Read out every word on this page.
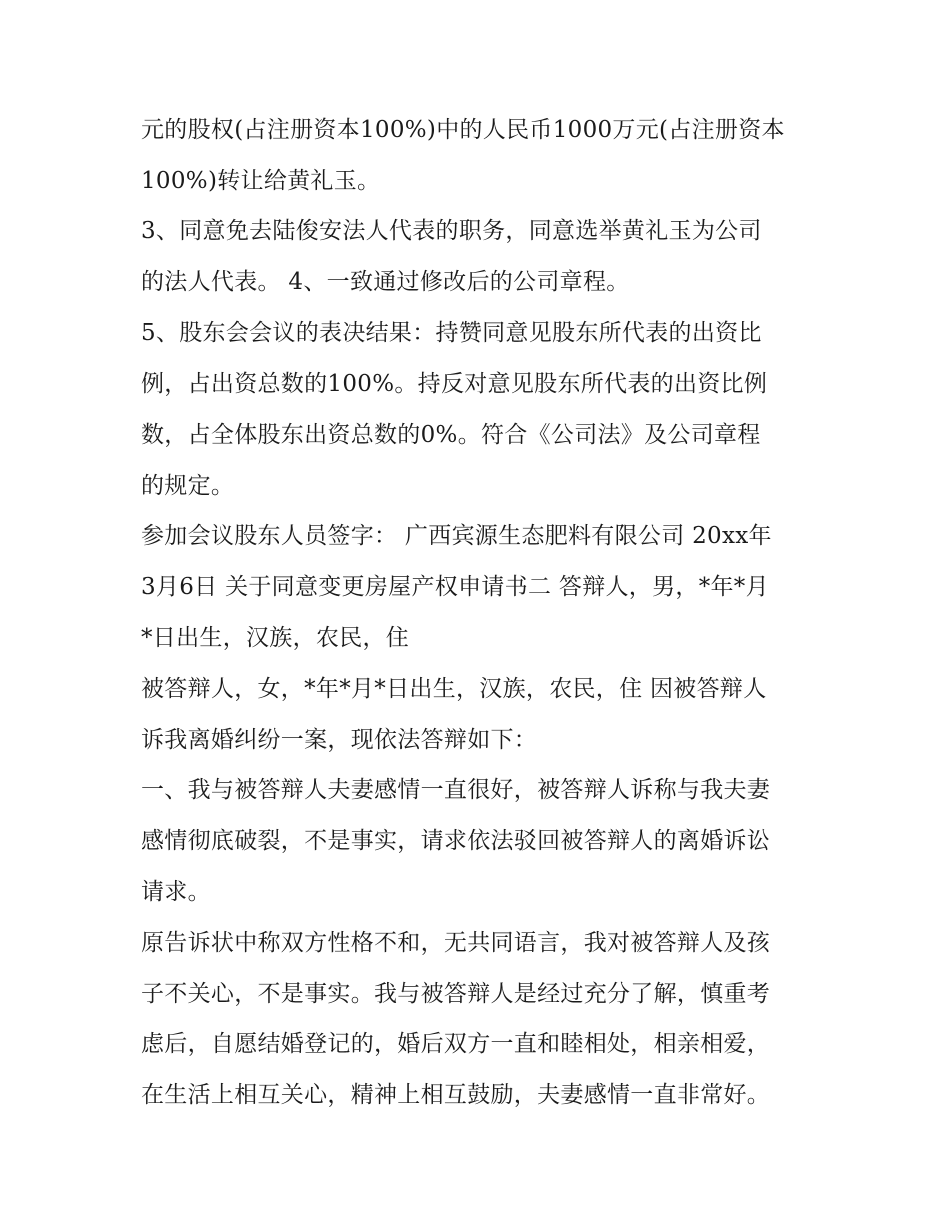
元的股权(占注册资本100%)中的人民币1000万元(占注册资本
100%)转让给黄礼玉。
3、同意免去陆俊安法人代表的职务，同意选举黄礼玉为公司
的法人代表。 4、一致通过修改后的公司章程。
5、股东会会议的表决结果：持赞同意见股东所代表的出资比
例，占出资总数的100%。持反对意见股东所代表的出资比例
数，占全体股东出资总数的0%。符合《公司法》及公司章程
的规定。
参加会议股东人员签字： 广西宾源生态肥料有限公司 20xx年
3月6日 关于同意变更房屋产权申请书二 答辩人，男，*年*月
*日出生，汉族，农民，住
被答辩人，女，*年*月*日出生，汉族，农民，住 因被答辩人
诉我离婚纠纷一案，现依法答辩如下：
一、我与被答辩人夫妻感情一直很好，被答辩人诉称与我夫妻
感情彻底破裂，不是事实，请求依法驳回被答辩人的离婚诉讼
请求。
原告诉状中称双方性格不和，无共同语言，我对被答辩人及孩
子不关心，不是事实。我与被答辩人是经过充分了解，慎重考
虑后，自愿结婚登记的，婚后双方一直和睦相处，相亲相爱，
在生活上相互关心，精神上相互鼓励，夫妻感情一直非常好。
